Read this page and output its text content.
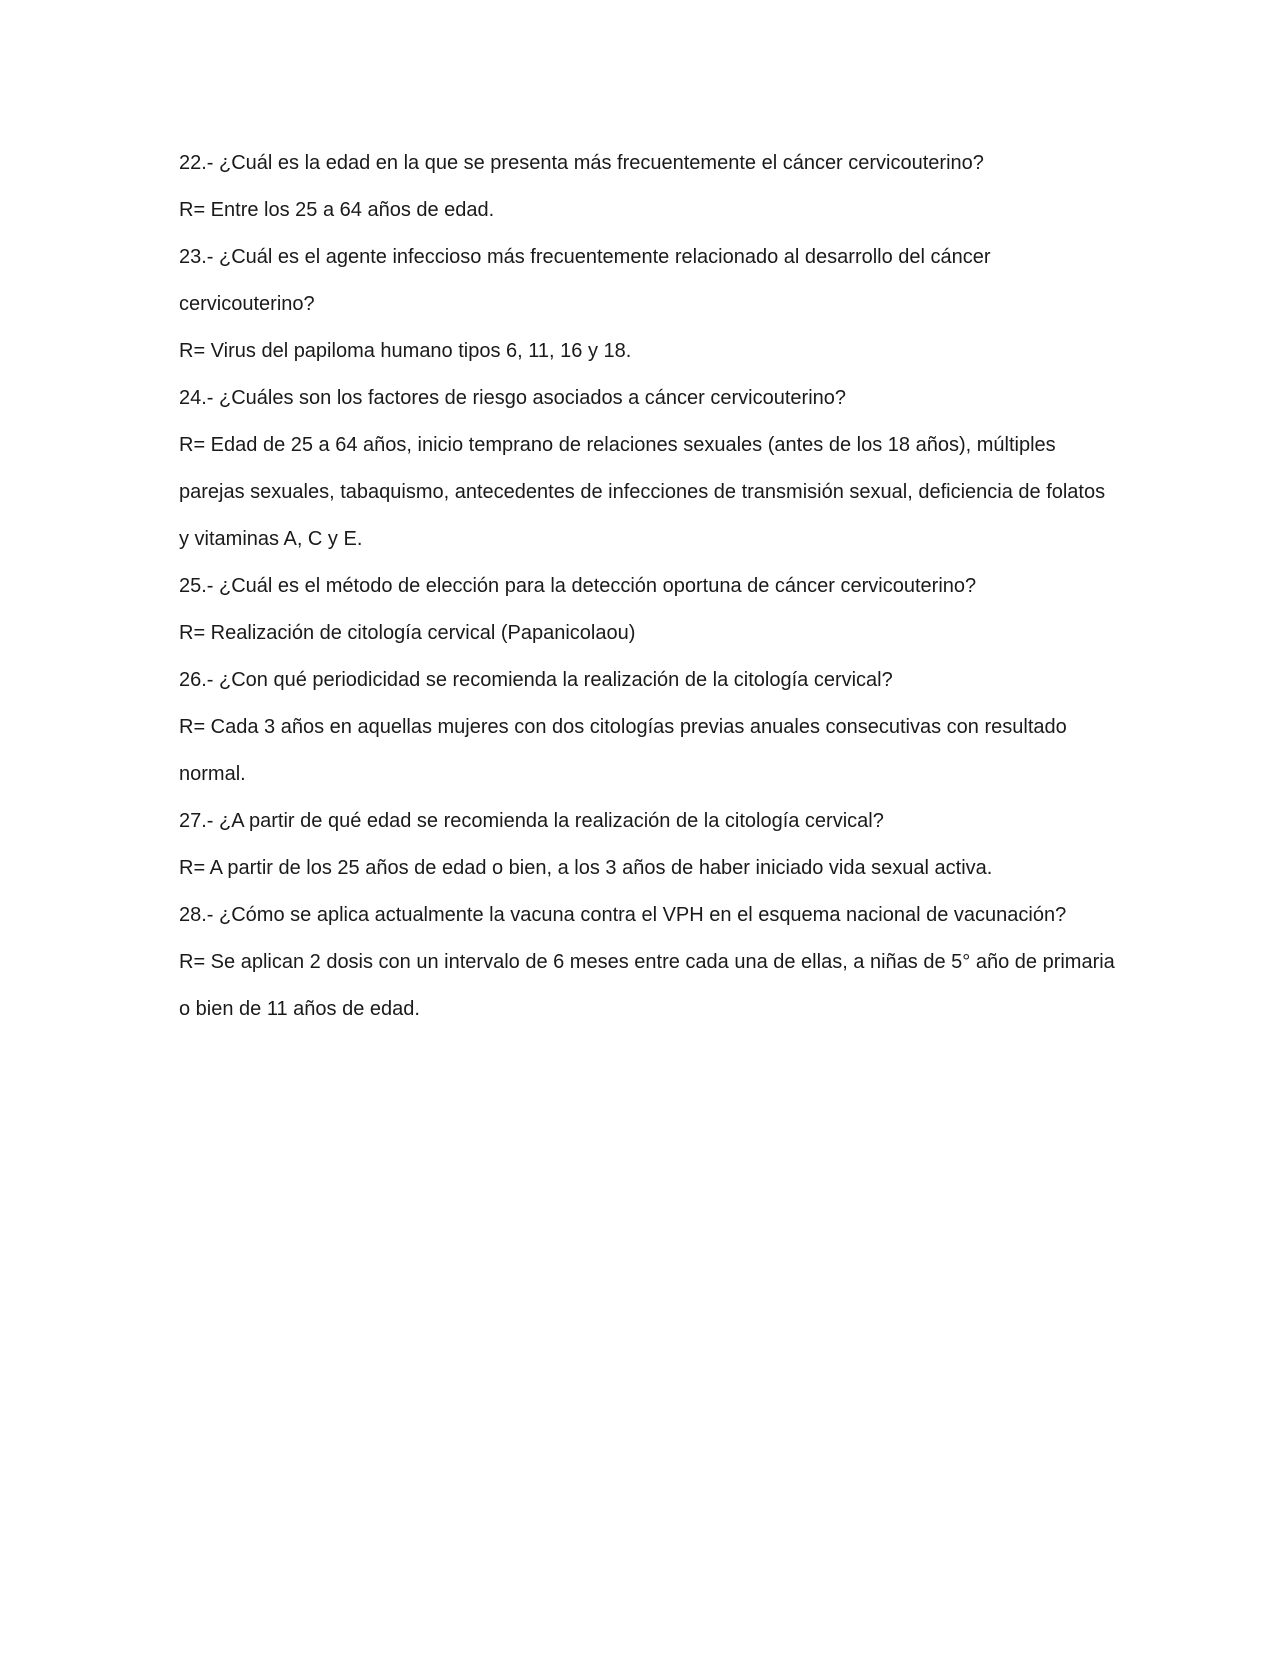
22.- ¿Cuál es la edad en la que se presenta más frecuentemente el cáncer cervicouterino?

R= Entre los 25 a 64 años de edad.

23.- ¿Cuál es el agente infeccioso más frecuentemente relacionado al desarrollo del cáncer cervicouterino?

R= Virus del papiloma humano tipos 6, 11, 16 y 18.

24.- ¿Cuáles son los factores de riesgo asociados a cáncer cervicouterino?

R= Edad de 25 a 64 años, inicio temprano de relaciones sexuales (antes de los 18 años), múltiples parejas sexuales, tabaquismo, antecedentes de infecciones de transmisión sexual, deficiencia de folatos y vitaminas A, C y E.

25.- ¿Cuál es el método de elección para la detección oportuna de cáncer cervicouterino?

R= Realización de citología cervical (Papanicolaou)

26.- ¿Con qué periodicidad se recomienda la realización de la citología cervical?

R= Cada 3 años en aquellas mujeres con dos citologías previas anuales consecutivas con resultado normal.

27.- ¿A partir de qué edad se recomienda la realización de la citología cervical?

R= A partir de los 25 años de edad o bien, a los 3 años de haber iniciado vida sexual activa.

28.- ¿Cómo se aplica actualmente la vacuna contra el VPH en el esquema nacional de vacunación?

R= Se aplican 2 dosis con un intervalo de 6 meses entre cada una de ellas, a niñas de 5° año de primaria o bien de 11 años de edad.
